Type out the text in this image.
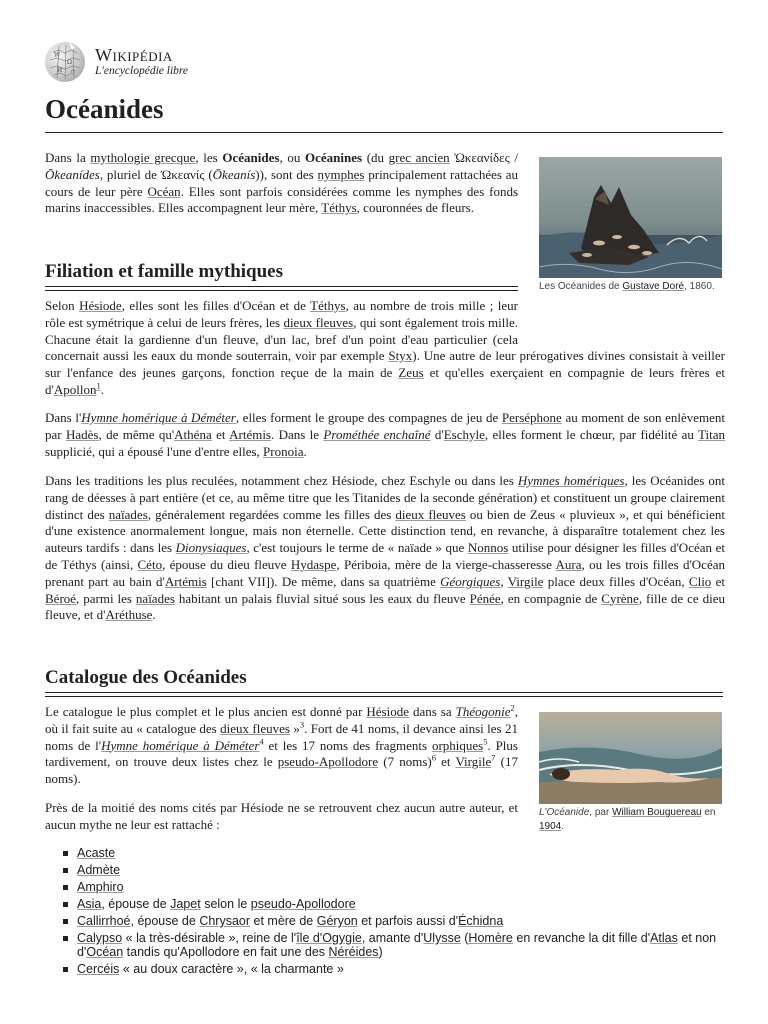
W
Ω
И ウ
Wikipédia
L'encyclopédie libre
Océanides

Dans la mythologie grecque, les Océanides, ou Océanines (du grec ancien Ὠκεανίδες / Ōkeanídes, pluriel de Ὠκεανίς (Ōkeanís)), sont des nymphes principalement rattachées au cours de leur père Océan. Elles sont parfois considérées comme les nymphes des fonds marins inaccessibles. Elles accompagnent leur mère, Téthys, couronnées de fleurs.

Les Océanides de Gustave Doré, 1860.
Filiation et famille mythiques
Selon Hésiode, elles sont les filles d'Océan et de Téthys, au nombre de trois mille ; leur rôle est symétrique à celui de leurs frères, les dieux fleuves, qui sont également trois mille. Chacune était la gardienne d'un fleuve, d'un lac, bref d'un point d'eau particulier (cela concernait aussi les eaux du monde souterrain, voir par exemple Styx). Une autre de leur prérogatives divines consistait à veiller sur l'enfance des jeunes garçons, fonction reçue de la main de Zeus et qu'elles exerçaient en compagnie de leurs frères et d'Apollon$^1$.

Dans l'Hymne homérique à Déméter, elles forment le groupe des compagnes de jeu de Perséphone au moment de son enlèvement par Hadès, de même qu'Athéna et Artémis. Dans le Prométhée enchaîné d'Eschyle, elles forment le chœur, par fidélité au Titan supplicié, qui a épousé l'une d'entre elles, Pronoia.

Dans les traditions les plus reculées, notamment chez Hésiode, chez Eschyle ou dans les Hymnes homériques, les Océanides ont rang de déesses à part entière (et ce, au même titre que les Titanides de la seconde génération) et constituent un groupe clairement distinct des naïades, généralement regardées comme les filles des dieux fleuves ou bien de Zeus « pluvieux », et qui bénéficient d'une existence anormalement longue, mais non éternelle. Cette distinction tend, en revanche, à disparaître totalement chez les auteurs tardifs : dans les Dionysiaques, c'est toujours le terme de « naïade » que Nonnos utilise pour désigner les filles d'Océan et de Téthys (ainsi, Céto, épouse du dieu fleuve Hydaspe, Périboia, mère de la vierge-chasseresse Aura, ou les trois filles d'Océan prenant part au bain d'Artémis [chant VII]). De même, dans sa quatrième Géorgiques, Virgile place deux filles d'Océan, Clio et Béroé, parmi les naïades habitant un palais fluvial situé sous les eaux du fleuve Pénée, en compagnie de Cyrène, fille de ce dieu fleuve, et d'Aréthuse.

Catalogue des Océanides
L'Océanide, par William Bouguereau en 1904.

Le catalogue le plus complet et le plus ancien est donné par Hésiode dans sa Théogonie$^2$, où il fait suite au « catalogue des dieux fleuves »$^3$. Fort de 41 noms, il devance ainsi les 21 noms de l'Hymne homérique à Déméter$^4$ et les 17 noms des fragments orphiques$^5$. Plus tardivement, on trouve deux listes chez le pseudo-Apollodore (7 noms)$^6$ et Virgile$^7$ (17 noms).

Près de la moitié des noms cités par Hésiode ne se retrouvent chez aucun autre auteur, et aucun mythe ne leur est rattaché :

Acaste
Admète
Amphiro
Asia, épouse de Japet selon le pseudo-Apollodore
Callirrhoé, épouse de Chrysaor et mère de Géryon et parfois aussi d'Échidna
Calypso « la très-désirable », reine de l'île d'Ogygie, amante d'Ulysse (Homère en revanche la dit fille d'Atlas et non d'Océan tandis qu'Apollodore en fait une des Néréides)
Cercéis « au doux caractère », « la charmante »
